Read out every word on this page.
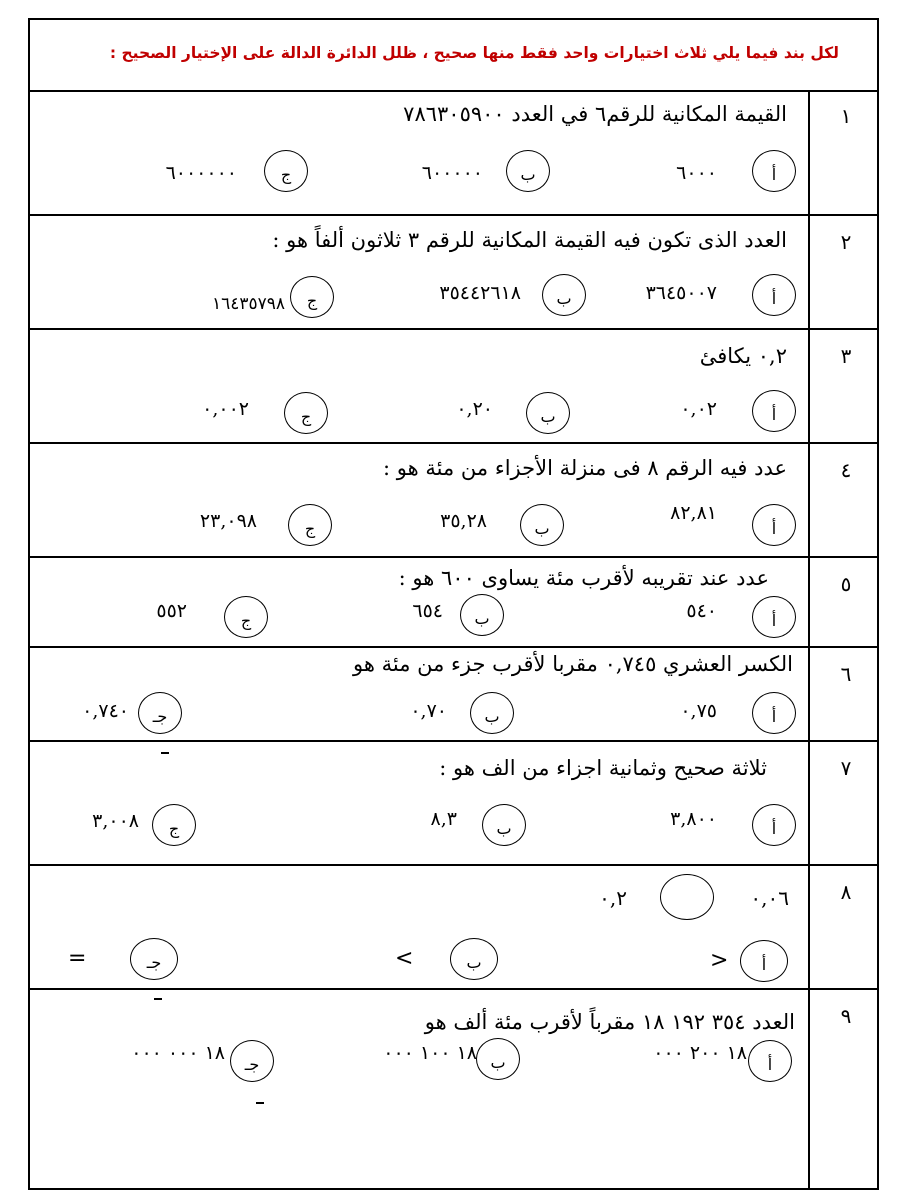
لكل بند فيما يلي ثلاث اختيارات واحد فقط منها صحيح ، ظلل الدائرة الدالة على الإختيار الصحيح :
١
القيمة المكانية للرقم٦ في العدد ٧٨٦٣٠٥٩٠٠
أ
٦٠٠٠
ب
٦٠٠٠٠٠
ج
٦٠٠٠٠٠٠
٢
العدد الذى تكون فيه القيمة المكانية للرقم ٣ ثلاثون ألفاً هو :
أ
٣٦٤٥٠٠٧
ب
٣٥٤٤٢٦١٨
ج
١٦٤٣٥٧٩٨
٣
٠,٢ يكافئ
أ
٠,٠٢
ب
٠,٢٠
ج
٠,٠٠٢
٤
عدد فيه الرقم ٨ فى منزلة الأجزاء من مئة هو :
أ
٨٢,٨١
ب
٣٥,٢٨
ج
٢٣,٠٩٨
٥
عدد عند تقريبه لأقرب مئة يساوى ٦٠٠ هو :
أ
٥٤٠
ب
٦٥٤
ج
٥٥٢
٦
الكسر العشري ٠,٧٤٥ مقربا لأقرب جزء من مئة هو
أ
٠,٧٥
ب
٠,٧٠
جـ
٠,٧٤٠
٧
ثلاثة صحيح وثمانية اجزاء من الف هو :
أ
٣,٨٠٠
ب
٨,٣
ج
٣,٠٠٨
٨
٠,٠٦
٠,٢
أ
<
ب
>
جـ
=
٩
العدد ٣٥٤ ١٩٢ ١٨ مقرباً لأقرب مئة ألف هو
أ
١٨ ٢٠٠ ٠٠٠
ب
١٨ ١٠٠ ٠٠٠
جـ
١٨ ٠٠٠ ٠٠٠
